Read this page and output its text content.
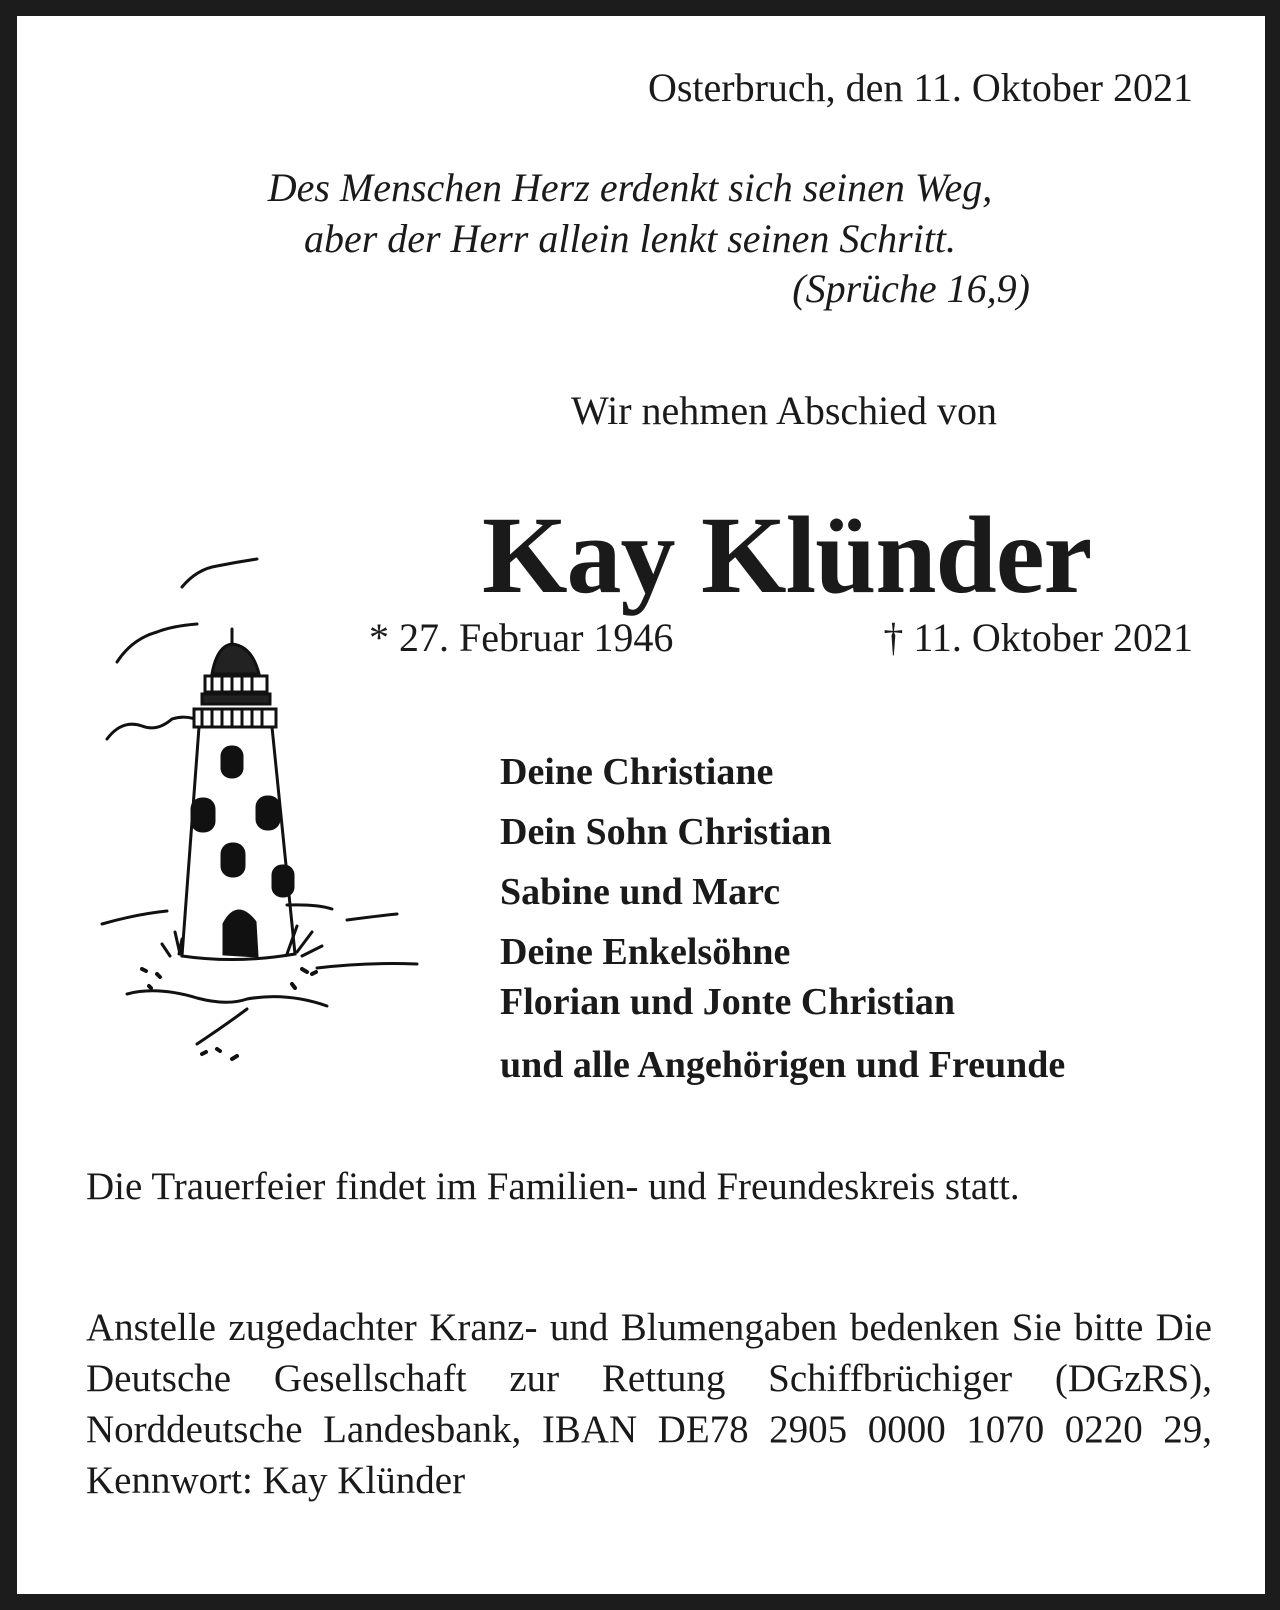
Osterbruch, den 11. Oktober 2021
Des Menschen Herz erdenkt sich seinen Weg,
aber der Herr allein lenkt seinen Schritt.
(Sprüche 16,9)
Wir nehmen Abschied von
Kay Klünder
* 27. Februar 1946	† 11. Oktober 2021
Deine Christiane
Dein Sohn Christian
Sabine und Marc
Deine Enkelsöhne
Florian und Jonte Christian
und alle Angehörigen und Freunde
Die Trauerfeier findet im Familien- und Freundeskreis statt.
Anstelle zugedachter Kranz- und Blumengaben bedenken Sie bitte Die Deutsche Gesellschaft zur Rettung Schiffbrüchiger (DGzRS), Norddeutsche Landesbank, IBAN DE78 2905 0000 1070 0220 29, Kennwort: Kay Klünder
